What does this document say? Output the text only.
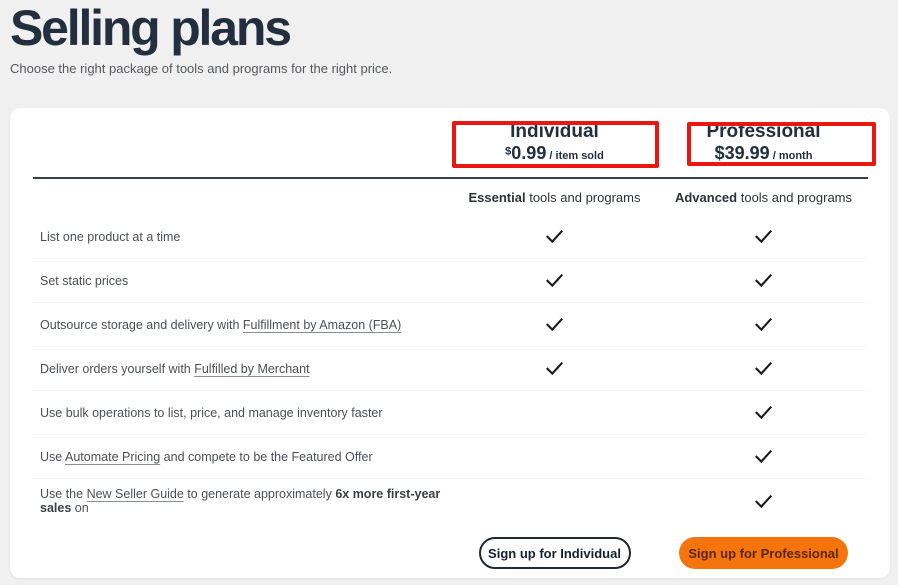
Selling plans
Choose the right package of tools and programs for the right price.
Individual
$0.99 / item sold
Professional
$39.99 / month
Essential tools and programs	Advanced tools and programs
List one product at a time
Set static prices
Outsource storage and delivery with Fulfillment by Amazon (FBA)
Deliver orders yourself with Fulfilled by Merchant
Use bulk operations to list, price, and manage inventory faster
Use Automate Pricing and compete to be the Featured Offer
Use the New Seller Guide to generate approximately 6x more first-year sales on
Sign up for Individual	Sign up for Professional
